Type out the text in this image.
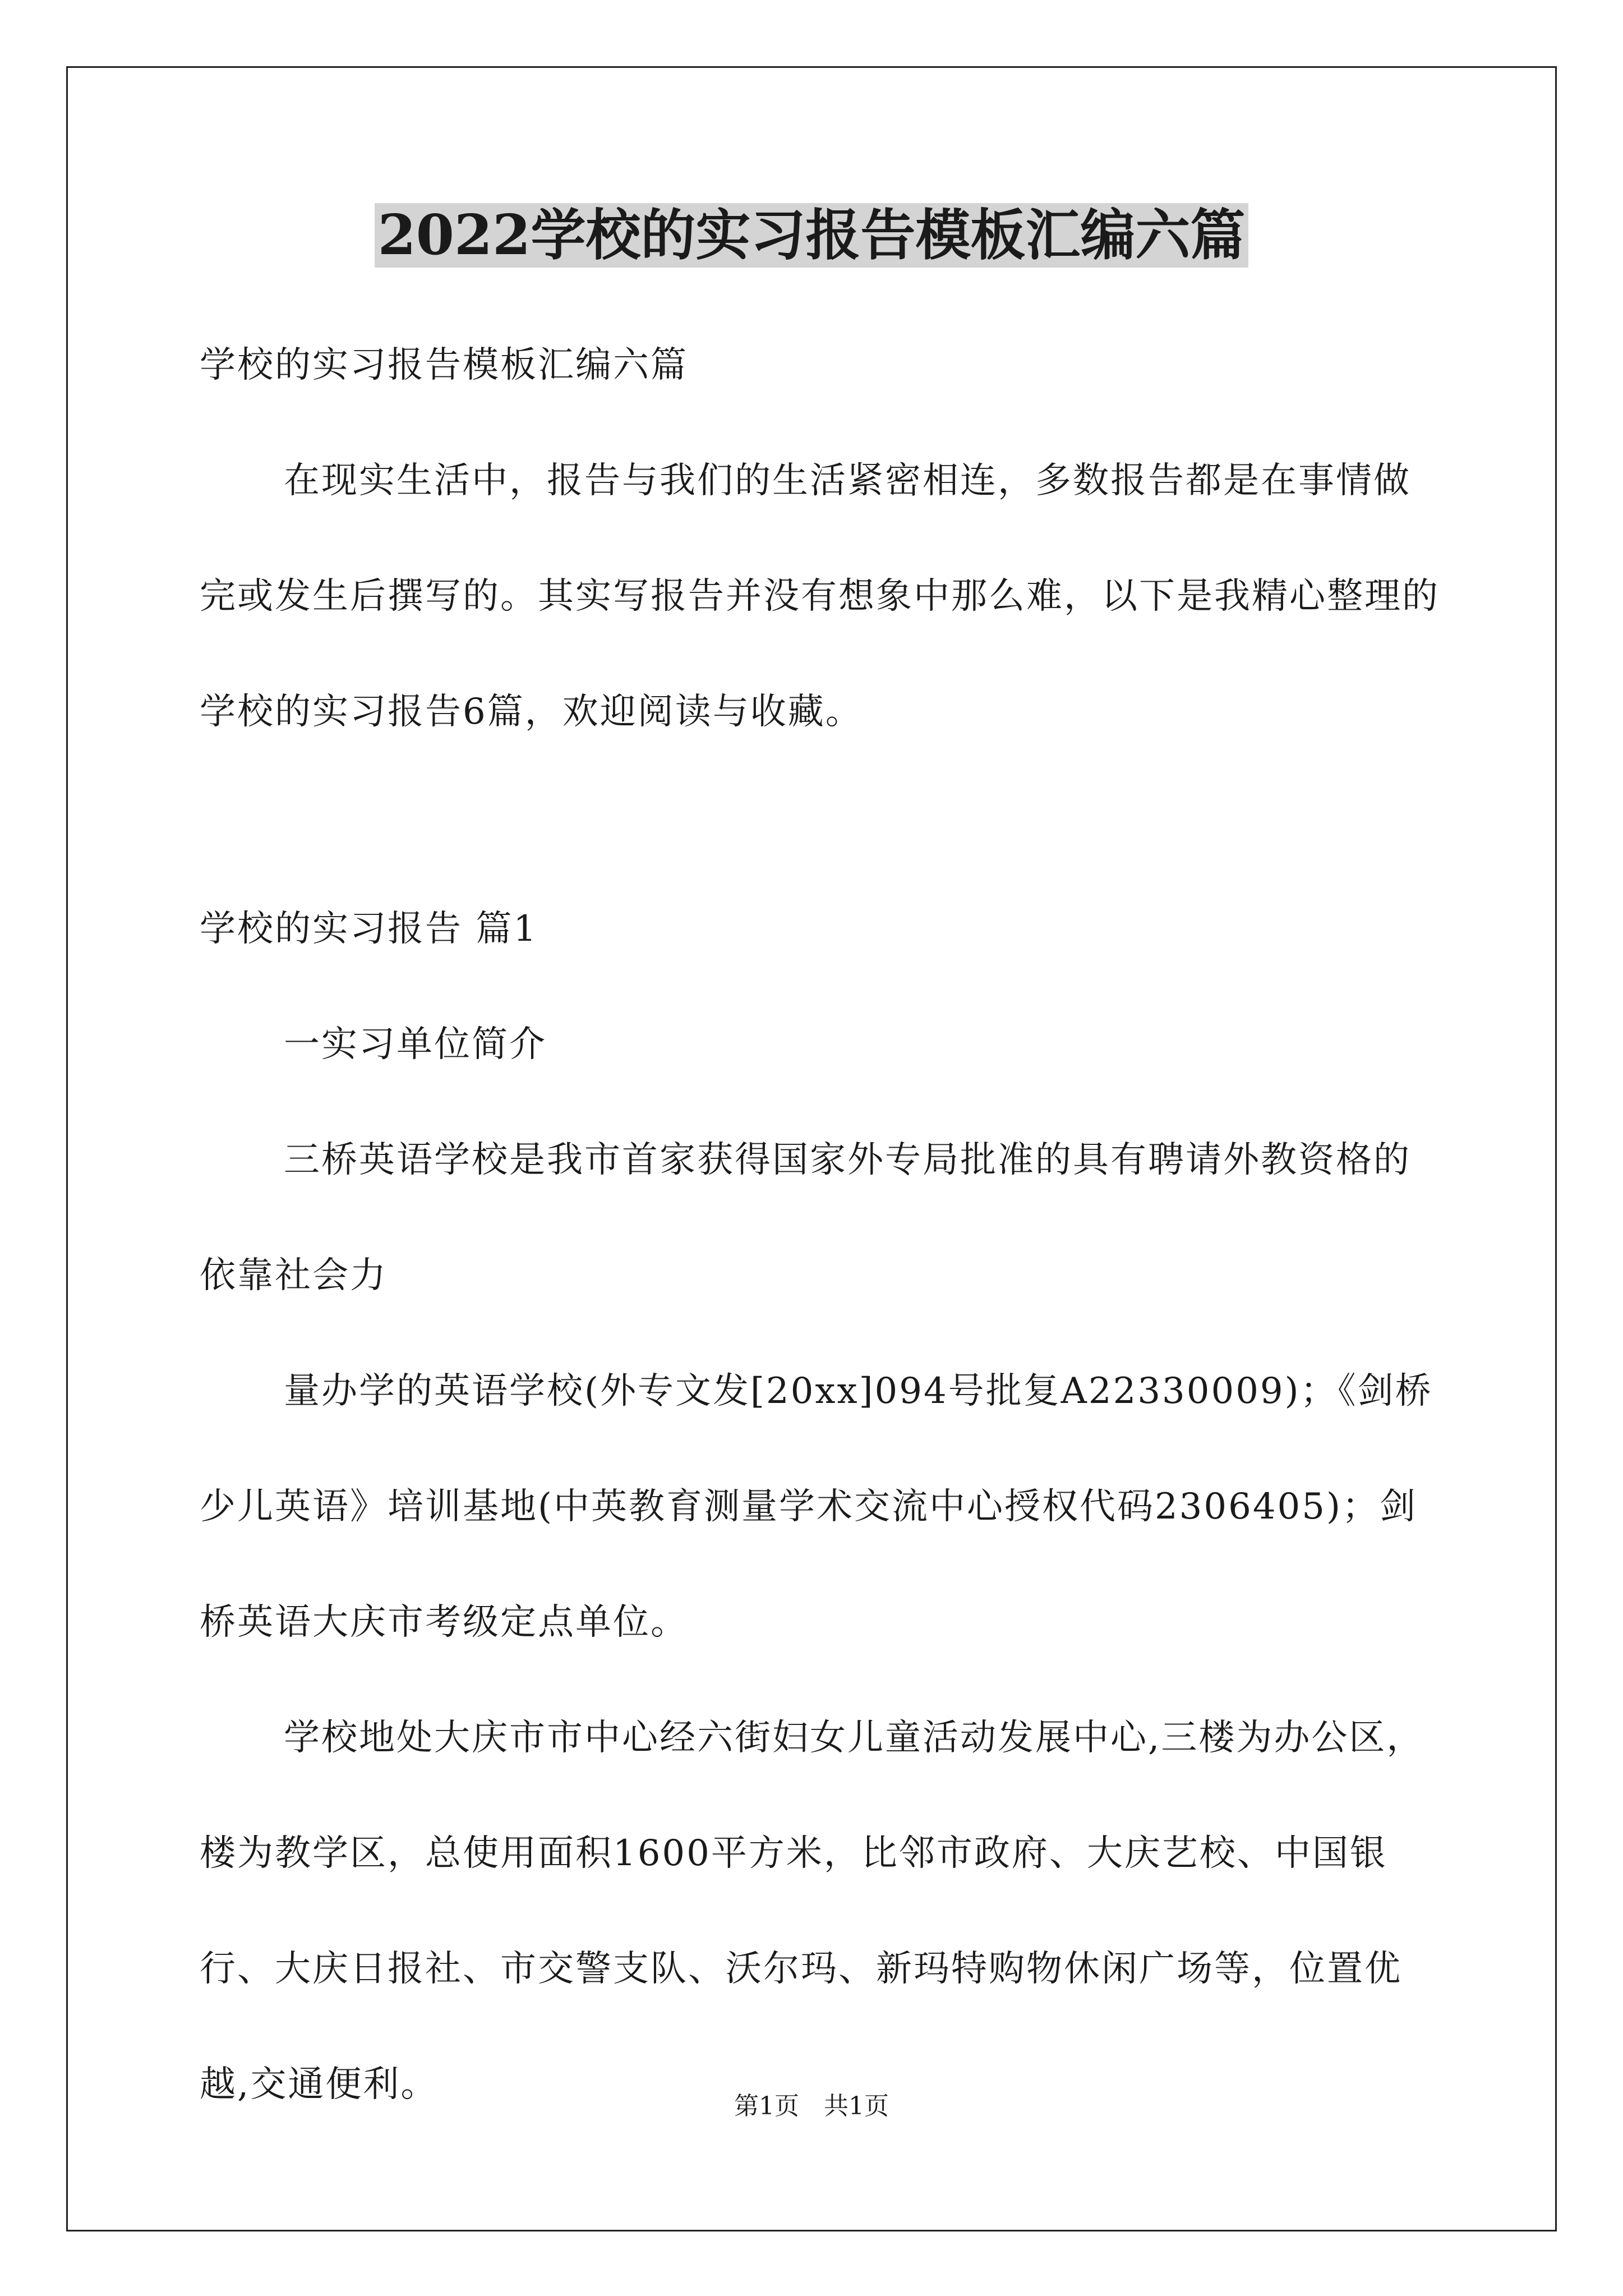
2022学校的实习报告模板汇编六篇

学校的实习报告模板汇编六篇

在现实生活中，报告与我们的生活紧密相连，多数报告都是在事情做完或发生后撰写的。其实写报告并没有想象中那么难，以下是我精心整理的学校的实习报告6篇，欢迎阅读与收藏。

学校的实习报告 篇1

一实习单位简介

三桥英语学校是我市首家获得国家外专局批准的具有聘请外教资格的依靠社会力

量办学的英语学校(外专文发[20xx]094号批复A22330009)；《剑桥少儿英语》培训基地(中英教育测量学术交流中心授权代码2306405)；剑桥英语大庆市考级定点单位。

学校地处大庆市市中心经六街妇女儿童活动发展中心,三楼为办公区，楼为教学区，总使用面积1600平方米，比邻市政府、大庆艺校、中国银行、大庆日报社、市交警支队、沃尔玛、新玛特购物休闲广场等，位置优越,交通便利。

第1页 共1页
